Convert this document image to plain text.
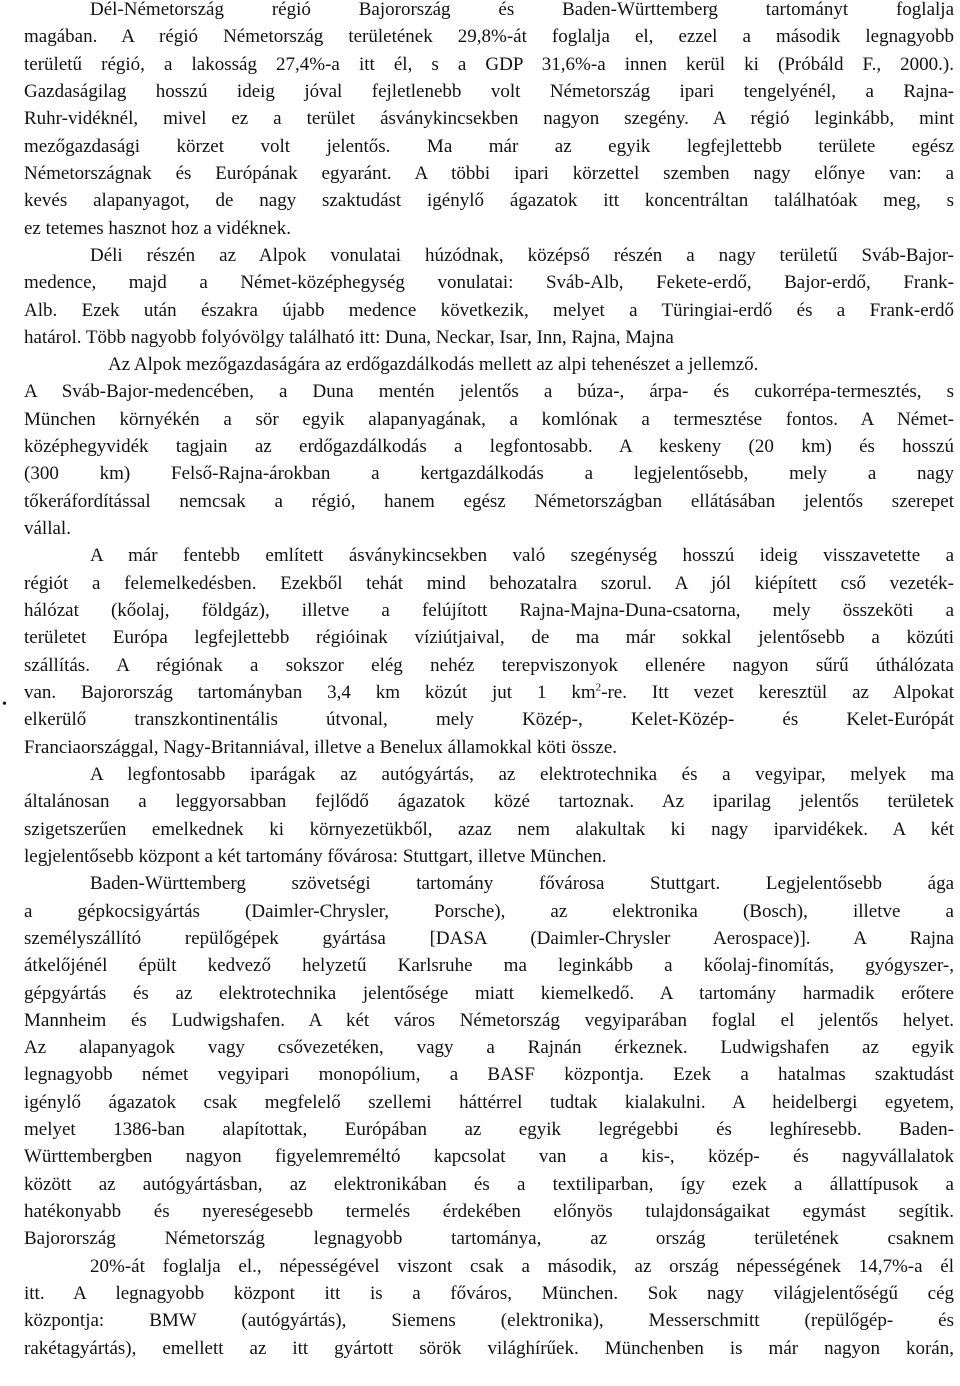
Dél-Németország régió Bajorország és Baden-Württemberg tartományt foglalja
magában. A régió Németország területének 29,8%-át foglalja el, ezzel a második legnagyobb
területű régió, a lakosság 27,4%-a itt él, s a GDP 31,6%-a innen kerül ki (Próbáld F., 2000.).
Gazdaságilag hosszú ideig jóval fejletlenebb volt Németország ipari tengelyénél, a Rajna-
Ruhr-vidéknél, mivel ez a terület ásványkincsekben nagyon szegény. A régió leginkább, mint
mezőgazdasági körzet volt jelentős. Ma már az egyik legfejlettebb területe egész
Németországnak és Európának egyaránt. A többi ipari körzettel szemben nagy előnye van: a
kevés alapanyagot, de nagy szaktudást igénylő ágazatok itt koncentráltan találhatóak meg, s
ez tetemes hasznot hoz a vidéknek.
Déli részén az Alpok vonulatai húzódnak, középső részén a nagy területű Sváb-Bajor-
medence, majd a Német-középhegység vonulatai: Sváb-Alb, Fekete-erdő, Bajor-erdő, Frank-
Alb. Ezek után északra újabb medence következik, melyet a Türingiai-erdő és a Frank-erdő
határol. Több nagyobb folyóvölgy található itt: Duna, Neckar, Isar, Inn, Rajna, Majna
Az Alpok mezőgazdaságára az erdőgazdálkodás mellett az alpi tehenészet a jellemző.
A Sváb-Bajor-medencében, a Duna mentén jelentős a búza-, árpa- és cukorrépa-termesztés, s
München környékén a sör egyik alapanyagának, a komlónak a termesztése fontos. A Német-
középhegyvidék tagjain az erdőgazdálkodás a legfontosabb. A keskeny (20 km) és hosszú
(300 km) Felső-Rajna-árokban a kertgazdálkodás a legjelentősebb, mely a nagy
tőkeráfordítással nemcsak a régió, hanem egész Németországban ellátásában jelentős szerepet
vállal.
A már fentebb említett ásványkincsekben való szegénység hosszú ideig visszavetette a
régiót a felemelkedésben. Ezekből tehát mind behozatalra szorul. A jól kiépített cső vezeték-
hálózat (kőolaj, földgáz), illetve a felújított Rajna-Majna-Duna-csatorna, mely összeköti a
területet Európa legfejlettebb régióinak víziútjaival, de ma már sokkal jelentősebb a közúti
szállítás. A régiónak a sokszor elég nehéz terepviszonyok ellenére nagyon sűrű úthálózata
van. Bajorország tartományban 3,4 km közút jut 1 $km^2-re$. Itt vezet keresztül az Alpokat
elkerülő transzkontinentális útvonal, mely Közép-, Kelet-Közép- és Kelet-Európát
Franciaországgal, Nagy-Britanniával, illetve a Benelux államokkal köti össze.
A legfontosabb iparágak az autógyártás, az elektrotechnika és a vegyipar, melyek ma
általánosan a leggyorsabban fejlődő ágazatok közé tartoznak. Az iparilag jelentős területek
szigetszerűen emelkednek ki környezetükből, azaz nem alakultak ki nagy iparvidékek. A két
legjelentősebb központ a két tartomány fővárosa: Stuttgart, illetve München.
Baden-Württemberg szövetségi tartomány fővárosa Stuttgart. Legjelentősebb ága
a gépkocsigyártás (Daimler-Chrysler, Porsche), az elektronika (Bosch), illetve a
személyszállító repülőgépek gyártása [DASA (Daimler-Chrysler Aerospace)]. A Rajna
átkelőjénél épült kedvező helyzetű Karlsruhe ma leginkább a kőolaj-finomítás, gyógyszer-,
gépgyártás és az elektrotechnika jelentősége miatt kiemelkedő. A tartomány harmadik erőtere
Mannheim és Ludwigshafen. A két város Németország vegyiparában foglal el jelentős helyet.
Az alapanyagok vagy csővezetéken, vagy a Rajnán érkeznek. Ludwigshafen az egyik
legnagyobb német vegyipari monopólium, a BASF központja. Ezek a hatalmas szaktudást
igénylő ágazatok csak megfelelő szellemi háttérrel tudtak kialakulni. A heidelbergi egyetem,
melyet 1386-ban alapítottak, Európában az egyik legrégebbi és leghíresebb. Baden-
Württembergben nagyon figyelemreméltó kapcsolat van a kis-, közép- és nagyvállalatok
között az autógyártásban, az elektronikában és a textiliparban, így ezek a állattípusok a
hatékonyabb és nyereségesebb termelés érdekében előnyös tulajdonságaikat egymást segítik.
Bajorország Németország legnagyobb tartománya, az ország területének csaknem
20%-át foglalja el., népességével viszont csak a második, az ország népességének 14,7%-a él
itt. A legnagyobb központ itt is a főváros, München. Sok nagy világjelentőségű cég
központja: BMW (autógyártás), Siemens (elektronika), Messerschmitt (repülőgép- és
rakétagyártás), emellett az itt gyártott sörök világhírűek. Münchenben is már nagyon korán,
•
